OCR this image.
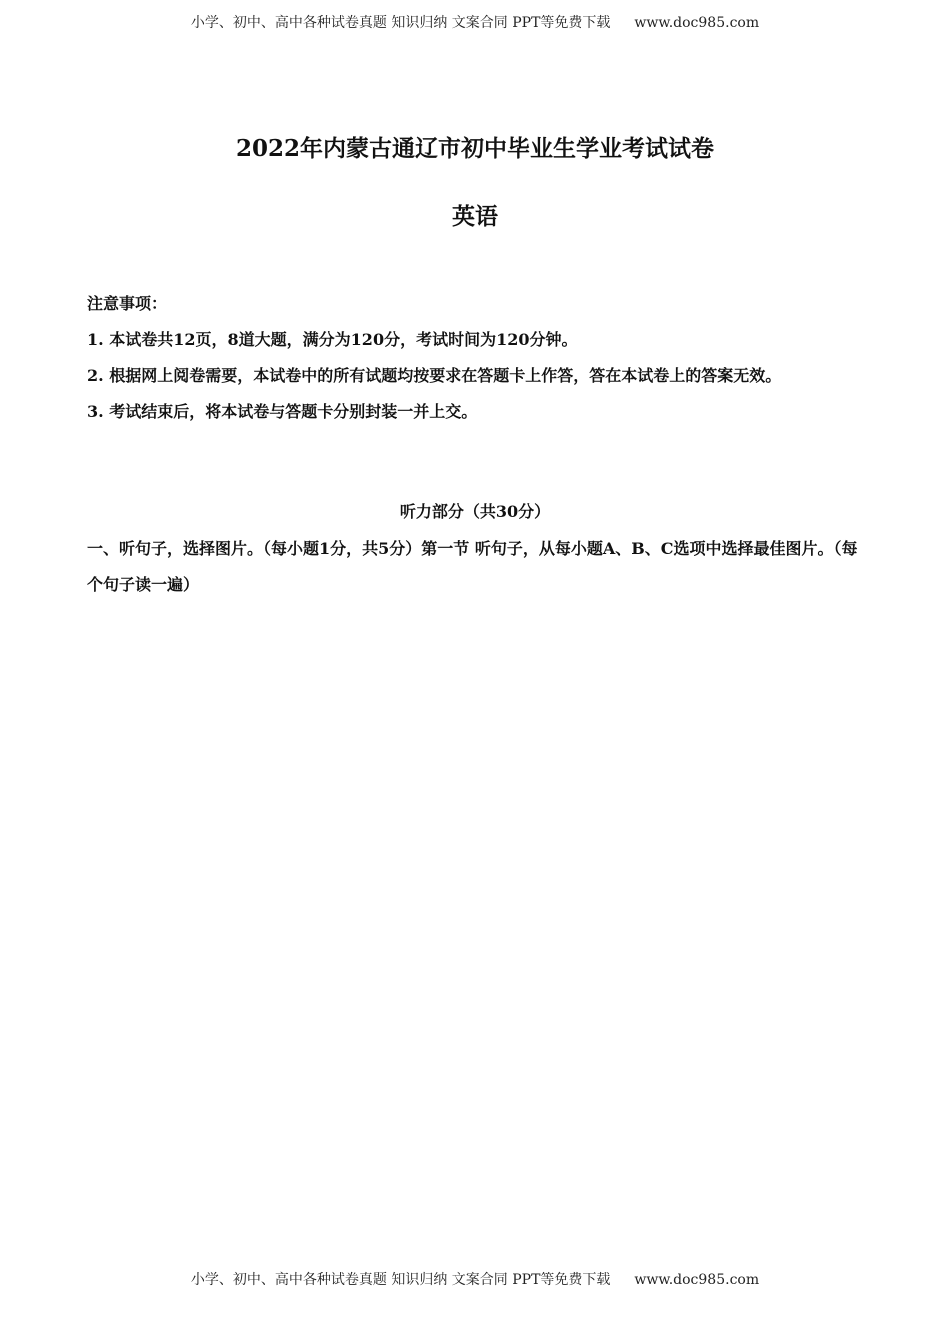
小学、初中、高中各种试卷真题 知识归纳 文案合同 PPT等免费下载 www.doc985.com
2022年内蒙古通辽市初中毕业生学业考试试卷
英语

注意事项：

1. 本试卷共12页，8道大题，满分为120分，考试时间为120分钟。

2. 根据网上阅卷需要，本试卷中的所有试题均按要求在答题卡上作答，答在本试卷上的答案无效。

3. 考试结束后，将本试卷与答题卡分别封装一并上交。

听力部分（共30分）

一、听句子，选择图片。（每小题1分，共5分）第一节 听句子，从每小题A、B、C选项中选择最佳图片。（每个句子读一遍）

小学、初中、高中各种试卷真题 知识归纳 文案合同 PPT等免费下载 www.doc985.com
